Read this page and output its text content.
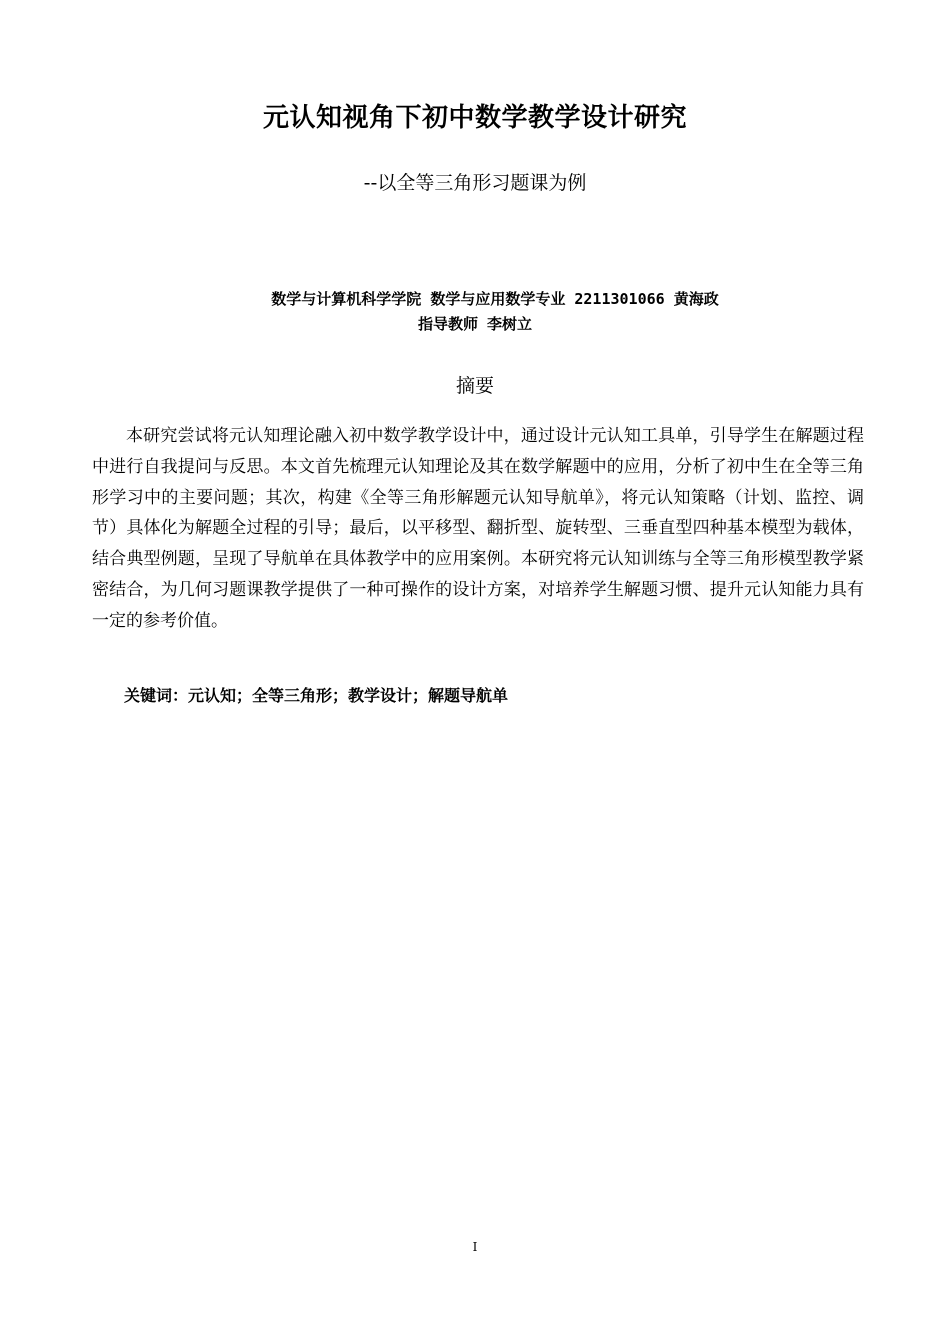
元认知视角下初中数学教学设计研究
--以全等三角形习题课为例
数学与计算机科学学院 数学与应用数学专业 2211301066 黄海政
指导教师 李树立
摘要

本研究尝试将元认知理论融入初中数学教学设计中，通过设计元认知工具单，引导学生在解题过程中进行自我提问与反思。本文首先梳理元认知理论及其在数学解题中的应用，分析了初中生在全等三角形学习中的主要问题；其次，构建《全等三角形解题元认知导航单》，将元认知策略（计划、监控、调节）具体化为解题全过程的引导；最后，以平移型、翻折型、旋转型、三垂直型四种基本模型为载体，结合典型例题，呈现了导航单在具体教学中的应用案例。本研究将元认知训练与全等三角形模型教学紧密结合，为几何习题课教学提供了一种可操作的设计方案，对培养学生解题习惯、提升元认知能力具有一定的参考价值。

关键词：元认知；全等三角形；教学设计；解题导航单
I
